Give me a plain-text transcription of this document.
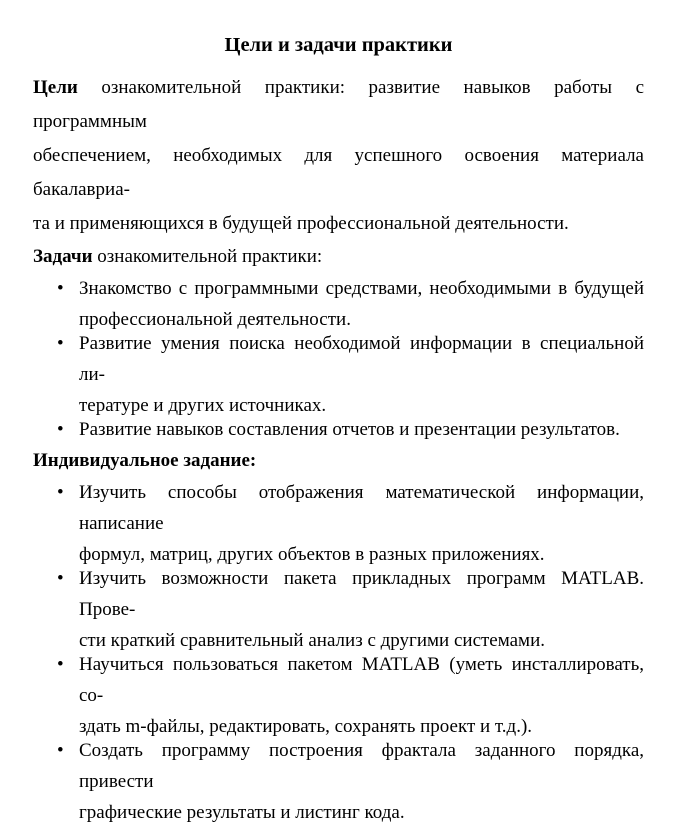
Цели и задачи практики

Цели ознакомительной практики: развитие навыков работы с программным
обеспечением, необходимых для успешного освоения материала бакалавриа-
та и применяющихся в будущей профессиональной деятельности.

Задачи ознакомительной практики:

• Знакомство с программными средствами, необходимыми в будущей
профессиональной деятельности.
• Развитие умения поиска необходимой информации в специальной ли-
тературе и других источниках.
• Развитие навыков составления отчетов и презентации результатов.

Индивидуальное задание:

• Изучить способы отображения математической информации, написание
формул, матриц, других объектов в разных приложениях.
• Изучить возможности пакета прикладных программ MATLAB. Прове-
сти краткий сравнительный анализ с другими системами.
• Научиться пользоваться пакетом MATLAB (уметь инсталлировать, со-
здать m-файлы, редактировать, сохранять проект и т.д.).
• Создать программу построения фрактала заданного порядка, привести
графические результаты и листинг кода.
